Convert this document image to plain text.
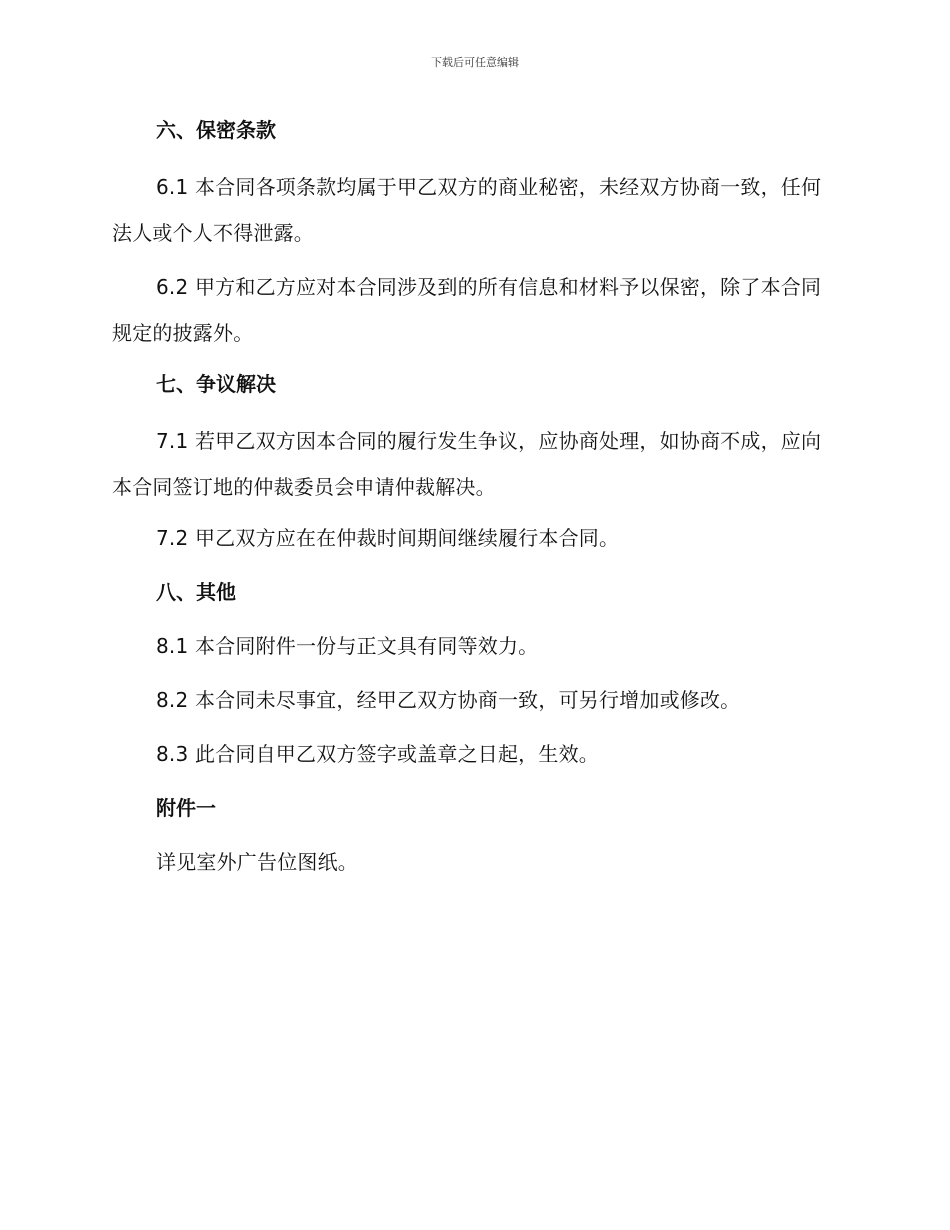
下载后可任意编辑
六、保密条款

6.1 本合同各项条款均属于甲乙双方的商业秘密，未经双方协商一致，任何法人或个人不得泄露。

6.2 甲方和乙方应对本合同涉及到的所有信息和材料予以保密，除了本合同规定的披露外。

七、争议解决

7.1 若甲乙双方因本合同的履行发生争议，应协商处理，如协商不成，应向本合同签订地的仲裁委员会申请仲裁解决。

7.2 甲乙双方应在在仲裁时间期间继续履行本合同。

八、其他

8.1 本合同附件一份与正文具有同等效力。

8.2 本合同未尽事宜，经甲乙双方协商一致，可另行增加或修改。

8.3 此合同自甲乙双方签字或盖章之日起，生效。

附件一

详见室外广告位图纸。
